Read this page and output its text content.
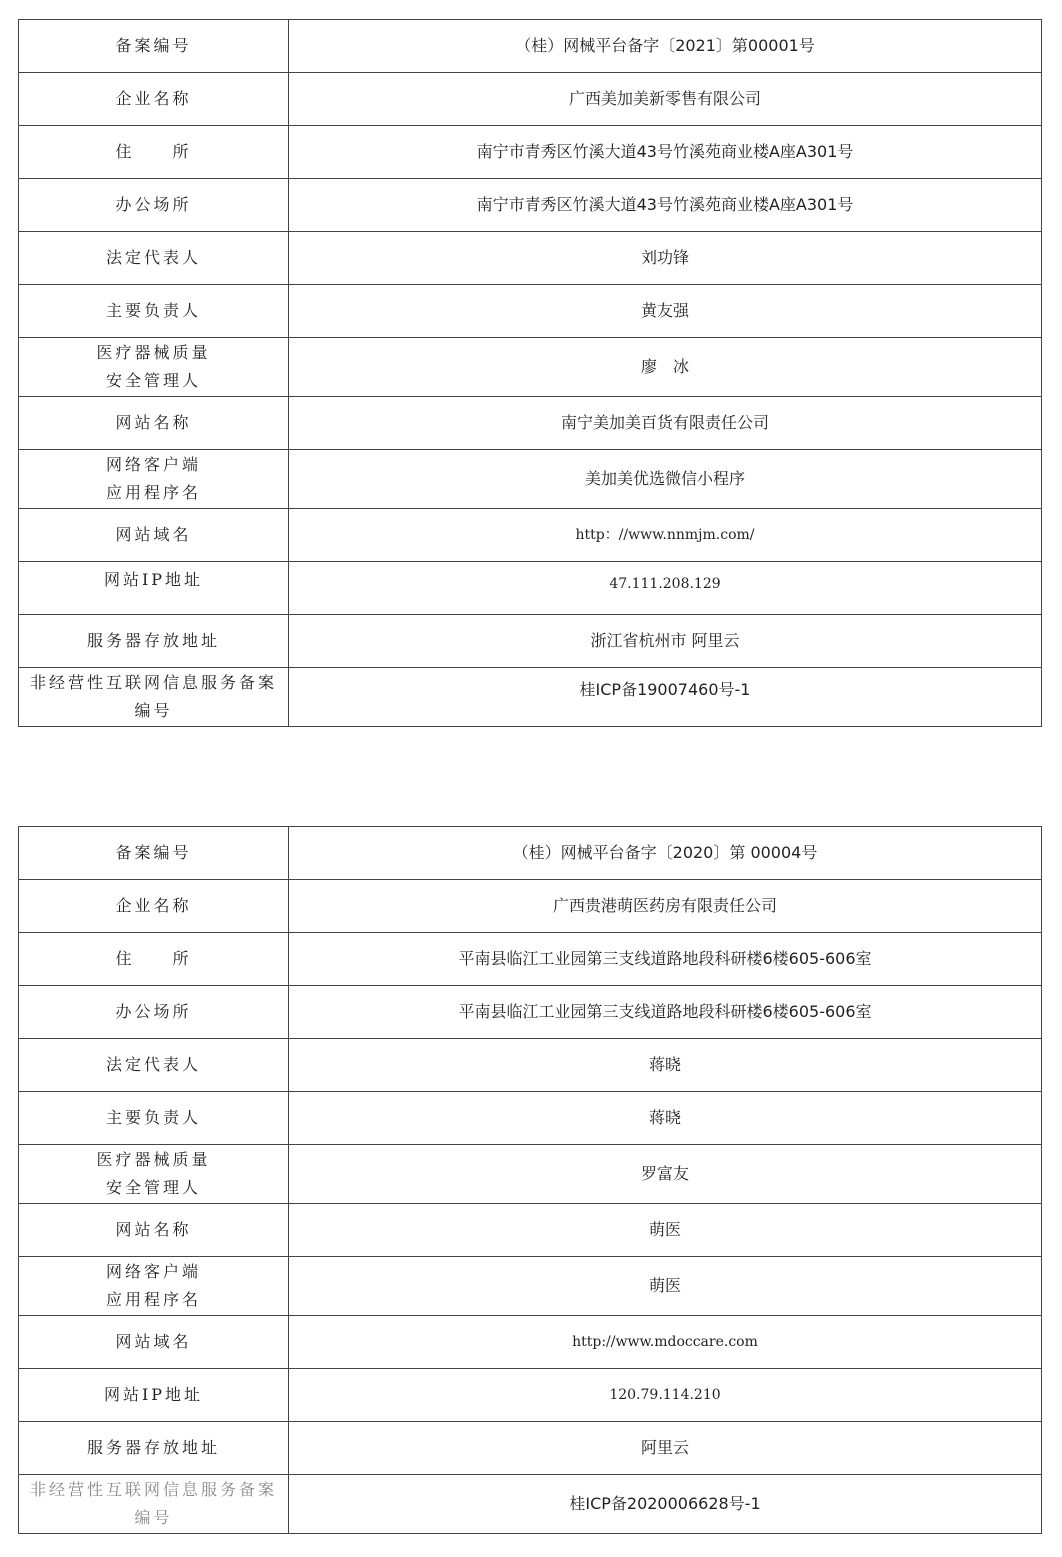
备案编号	（桂）网械平台备字〔2021〕第00001号
企业名称	广西美加美新零售有限公司
住　　所	南宁市青秀区竹溪大道43号竹溪苑商业楼A座A301号
办公场所	南宁市青秀区竹溪大道43号竹溪苑商业楼A座A301号
法定代表人	刘功锋
主要负责人	黄友强

医疗器械质量
安全管理人	廖　冰
网站名称	南宁美加美百货有限责任公司

网络客户端
应用程序名	美加美优选微信小程序
网站域名	http：//www.nnmjm.com/
网站IP地址	47.111.208.129
服务器存放地址	浙江省杭州市 阿里云

非经营性互联网信息服务备案
编号	桂ICP备19007460号-1
备案编号	（桂）网械平台备字〔2020〕第 00004号
企业名称	广西贵港萌医药房有限责任公司
住　　所	平南县临江工业园第三支线道路地段科研楼6楼605-606室
办公场所	平南县临江工业园第三支线道路地段科研楼6楼605-606室
法定代表人	蒋晓
主要负责人	蒋晓

医疗器械质量
安全管理人	罗富友
网站名称	萌医

网络客户端
应用程序名	萌医
网站域名	http://www.mdoccare.com
网站IP地址	120.79.114.210
服务器存放地址	阿里云

非经营性互联网信息服务备案
编号	桂ICP备2020006628号-1
